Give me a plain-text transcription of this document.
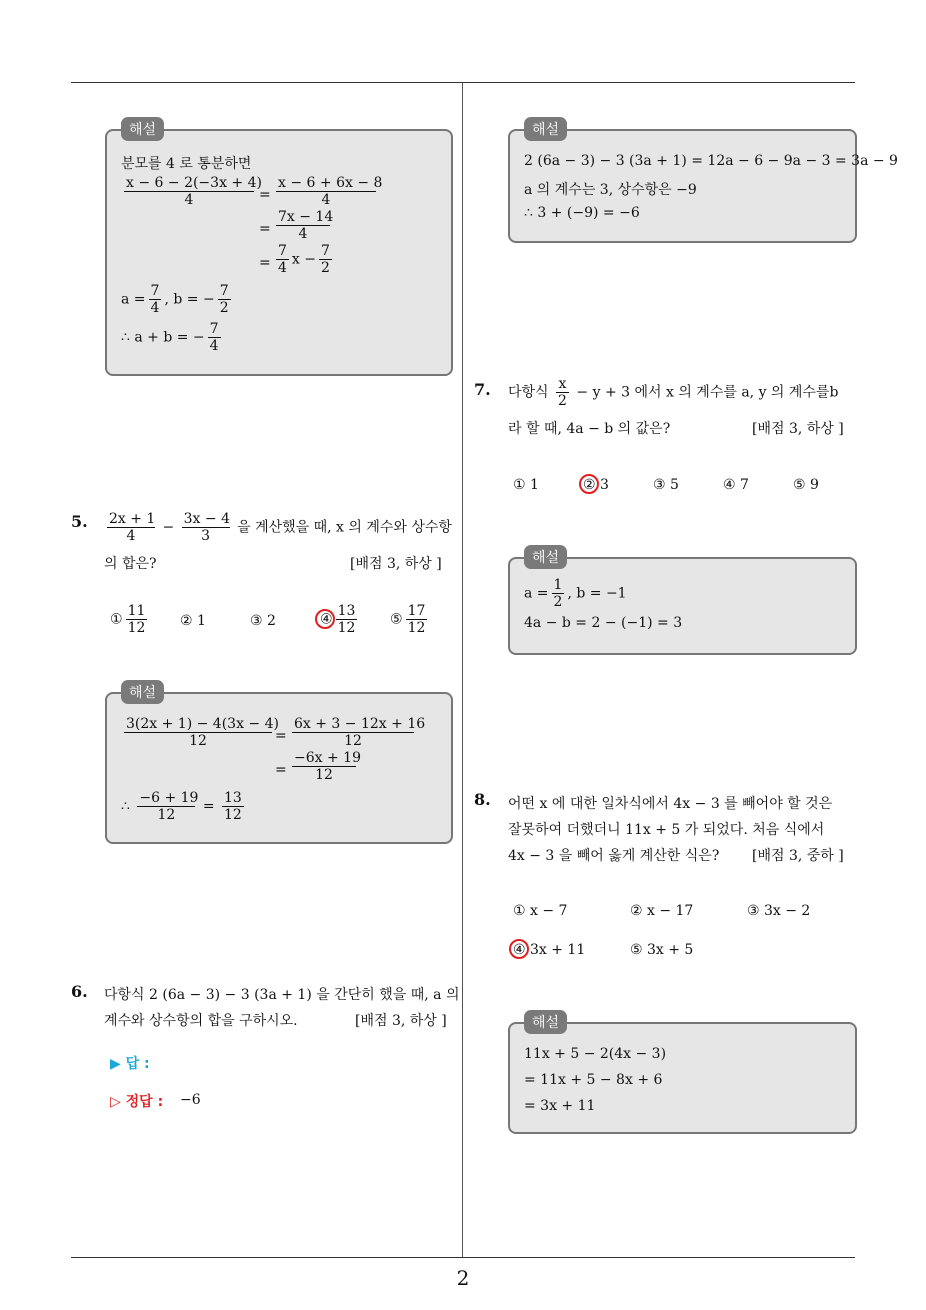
해설
분모를 4 로 통분하면
$\frac{x - 6 - 2(-3x + 4)}{4} = \frac{x - 6 + 6x - 8}{4}$
= $\frac{7x - 14}{4}$
= $\frac{7}{4}$ $x - \frac{7}{2}$
$a = \frac{7}{4}$ , b = − $\frac{7}{2}$
∴ a + b = − $\frac{7}{4}$
5. $\frac{2x + 1}{4} - \frac{3x - 4}{3}$ 을 계산했을 때, x 의 계수와 상수항
의 합은?	[배점 3, 하상 ]
① $\frac{11}{12}$ ② 1	③ 2	④ $\frac{13}{12}$ ⑤ $\frac{17}{12}$
해설
$\frac{3(2x + 1) - 4(3x - 4)}{12} = \frac{6x + 3 - 12x + 16}{12}$
= $\frac{-6x + 19}{12}$
∴ $\frac{-6 + 19}{12} = \frac{13}{12}$
6. 다항식 2 (6a − 3) − 3 (3a + 1) 을 간단히 했을 때, a 의
계수와 상수항의 합을 구하시오.	[배점 3, 하상 ]
▶ 답 :
▷ 정답 : −6
해설
2 (6a − 3) − 3 (3a + 1) = 12a − 6 − 9a − 3 = 3a − 9
a 의 계수는 3, 상수항은 −9
∴ 3 + (−9) = −6
7. 다항식 $\frac{x}{2} - y + 3$ 에서 x 의 계수를 a, y 의 계수를b
라 할 때, 4a − b 의 값은?	[배점 3, 하상 ]
① 1	② 3	③ 5	④ 7	⑤ 9
해설
$a = \frac{1}{2}$ , b = −1
4a − b = 2 − (−1) = 3
8. 어떤 x 에 대한 일차식에서 4x − 3 를 빼어야 할 것은
잘못하여 더했더니 11x + 5 가 되었다. 처음 식에서
4x − 3 을 빼어 옳게 계산한 식은? [배점 3, 중하 ]
① x − 7	② x − 17	③ 3x − 2
④ 3x + 11	⑤ 3x + 5
해설
11x + 5 − 2(4x − 3)
= 11x + 5 − 8x + 6
= 3x + 11
2
